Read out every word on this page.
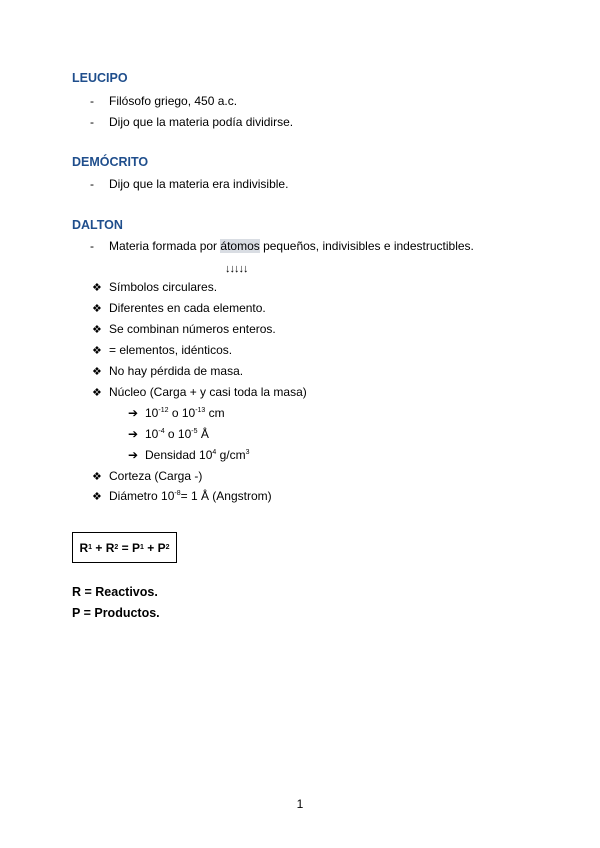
LEUCIPO
- Filósofo griego, 450 a.c.
- Dijo que la materia podía dividirse.
DEMÓCRITO
- Dijo que la materia era indivisible.
DALTON
- Materia formada por átomos pequeños, indivisibles e indestructibles.
↓↓↓↓↓
❖ Símbolos circulares.
❖ Diferentes en cada elemento.
❖ Se combinan números enteros.
❖ = elementos, idénticos.
❖ No hay pérdida de masa.
❖ Núcleo (Carga + y casi toda la masa)
➔ $10^{-12}$ o $10^{-13}$ cm
➔ $10^{-4}$ o $10^{-5}$ Å
➔ Densidad $10^4$ $g/cm^3$
❖ Corteza (Carga -)
❖ Diámetro $10^{-8}= 1$ Å (Angstrom)
R 1 + R 2 = P 1 + P 2
R = Reactivos.
P = Productos.
1
